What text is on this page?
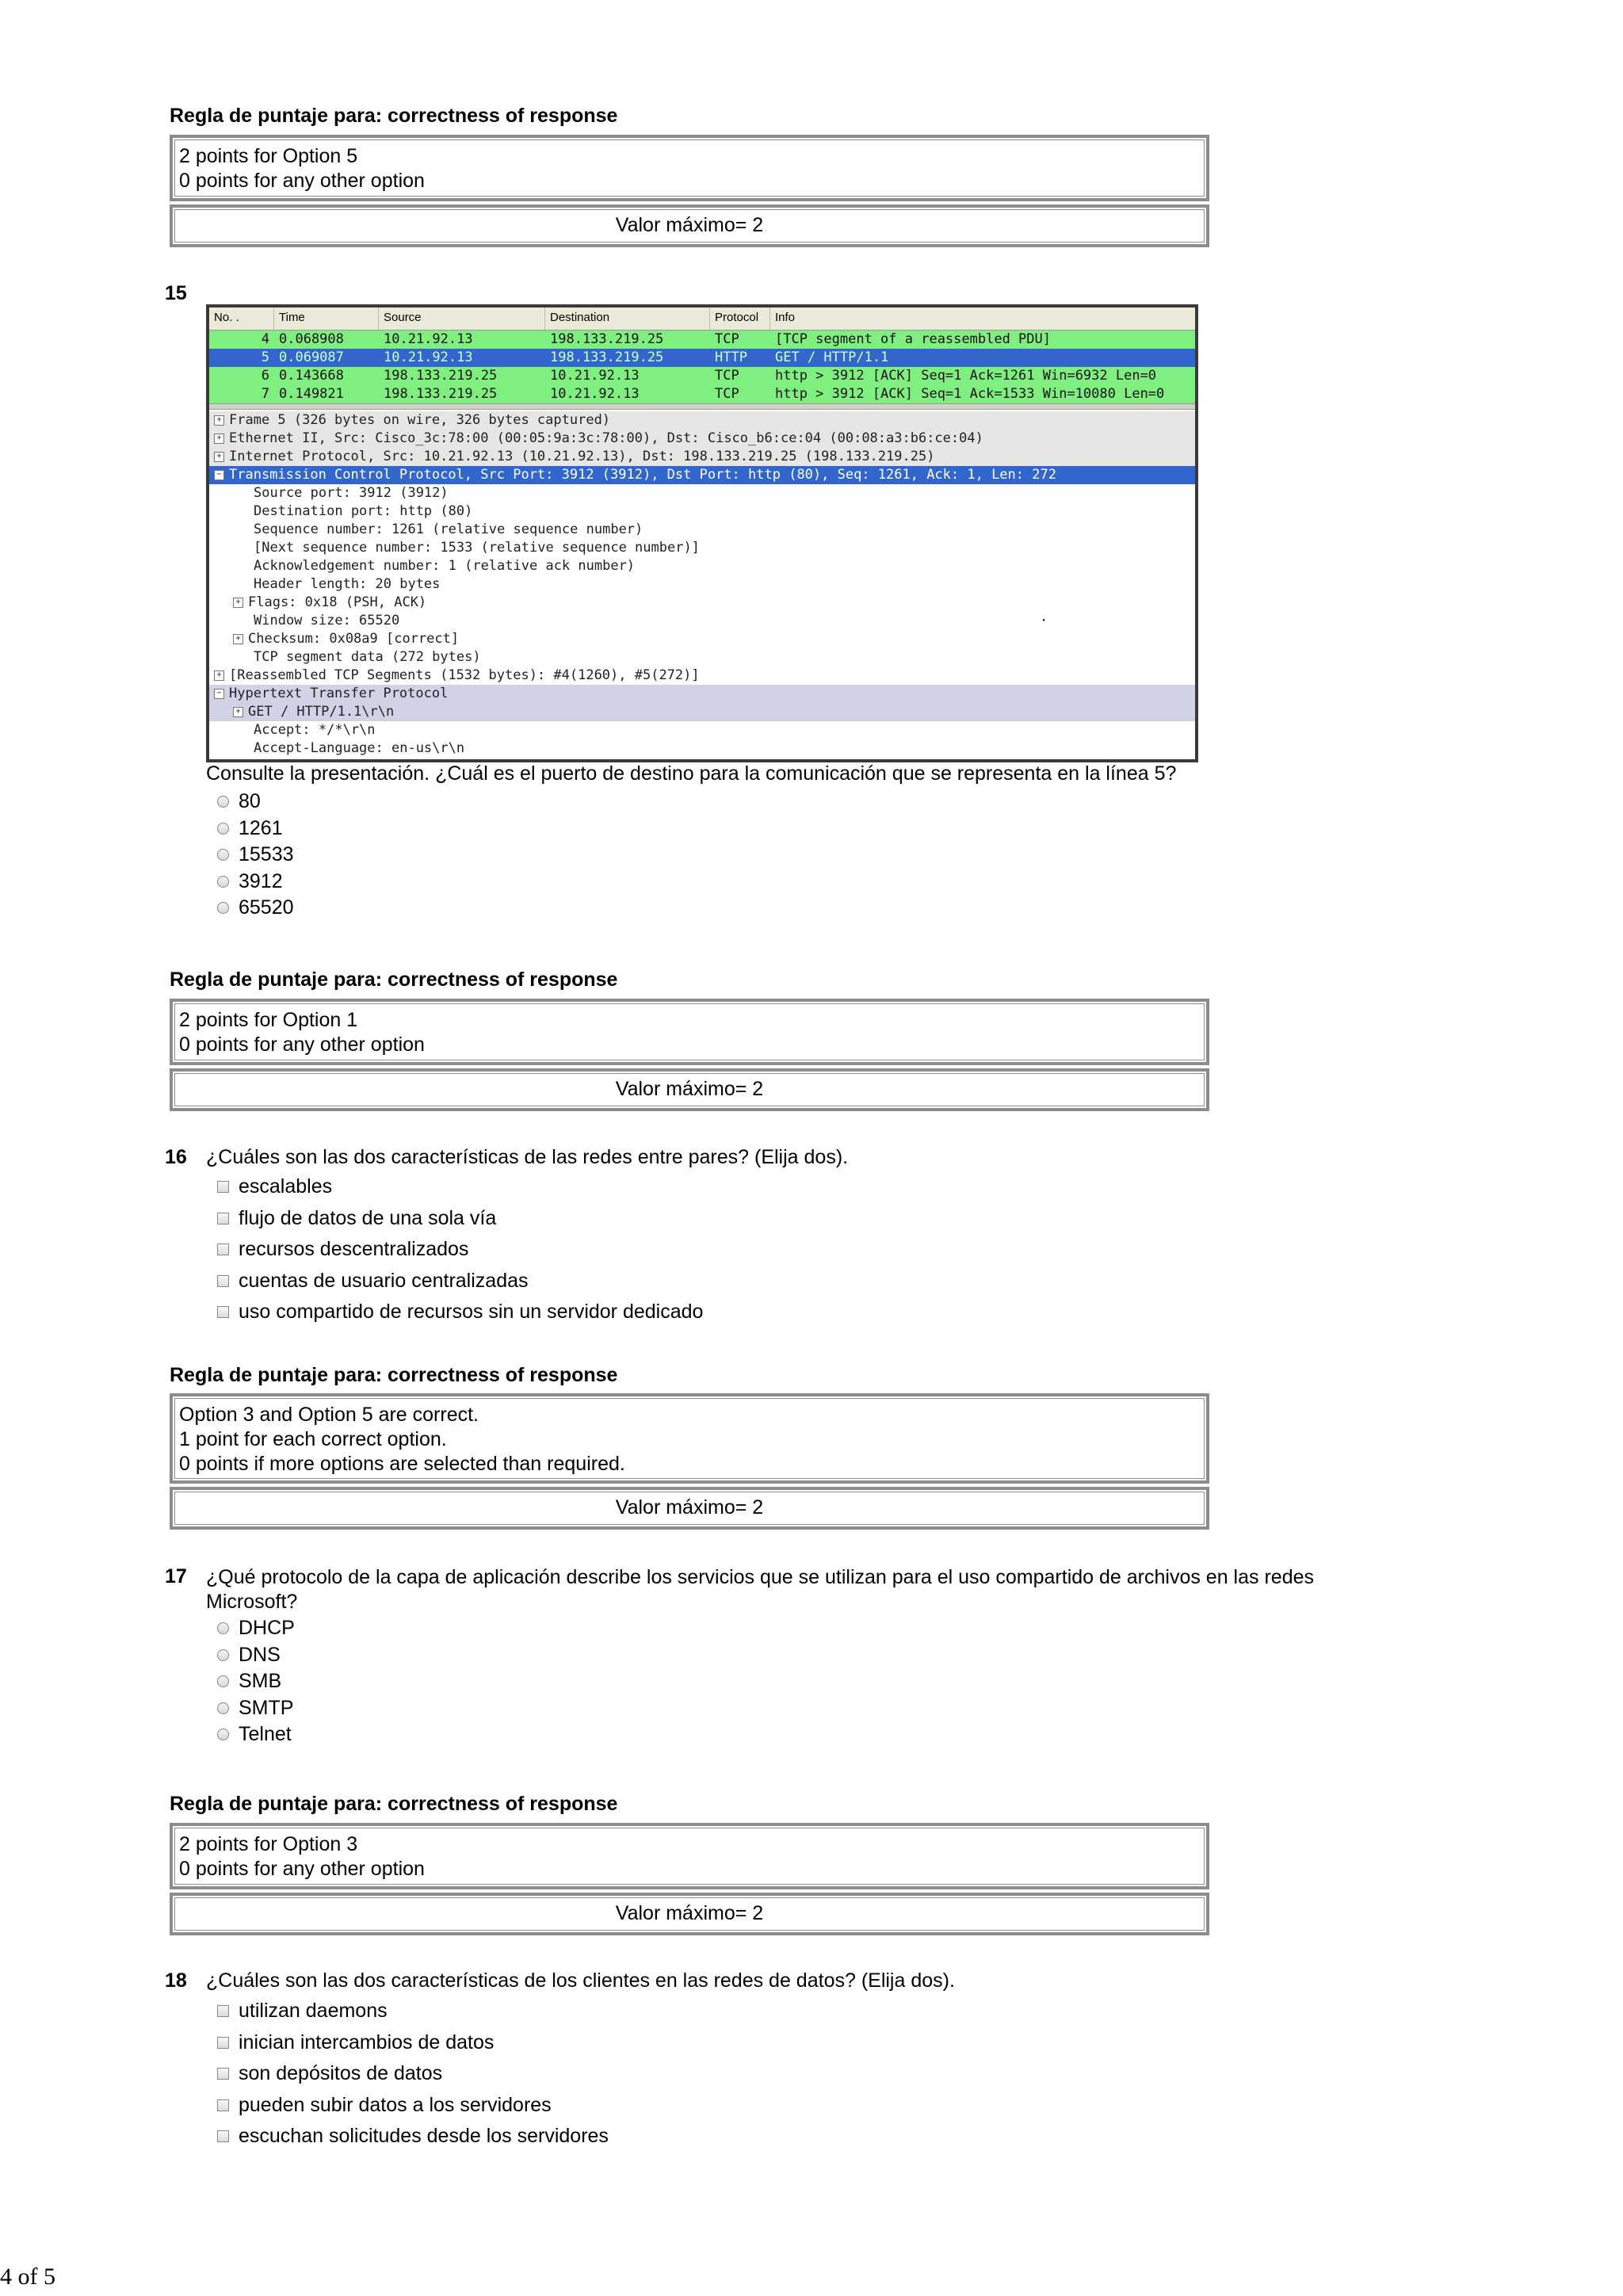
Regla de puntaje para: correctness of response
2 points for Option 5
0 points for any other option
Valor máximo= 2
15
No. .	Time	Source	Destination	Protocol	Info
4 0.068908	10.21.92.13	198.133.219.25	TCP	[TCP segment of a reassembled PDU]
5 0.069087	10.21.92.13	198.133.219.25	HTTP	GET / HTTP/1.1
6 0.143668	198.133.219.25	10.21.92.13	TCP	http > 3912 [ACK] Seq=1 Ack=1261 Win=6932 Len=0
7 0.149821	198.133.219.25	10.21.92.13	TCP	http > 3912 [ACK] Seq=1 Ack=1533 Win=10080 Len=0
+ Frame 5 (326 bytes on wire, 326 bytes captured)
+ Ethernet II, Src: Cisco_3c:78:00 (00:05:9a:3c:78:00), Dst: Cisco_b6:ce:04 (00:08:a3:b6:ce:04)
+ Internet Protocol, Src: 10.21.92.13 (10.21.92.13), Dst: 198.133.219.25 (198.133.219.25)
− Transmission Control Protocol, Src Port: 3912 (3912), Dst Port: http (80), Seq: 1261, Ack: 1, Len: 272
Source port: 3912 (3912)
Destination port: http (80)
Sequence number: 1261 (relative sequence number)
[Next sequence number: 1533 (relative sequence number)]
Acknowledgement number: 1 (relative ack number)
Header length: 20 bytes
+ Flags: 0x18 (PSH, ACK)
Window size: 65520	·
+ Checksum: 0x08a9 [correct]
TCP segment data (272 bytes)
+ [Reassembled TCP Segments (1532 bytes): #4(1260), #5(272)]
− Hypertext Transfer Protocol
+ GET / HTTP/1.1\r\n
Accept: */*\r\n
Accept-Language: en-us\r\n
Consulte la presentación. ¿Cuál es el puerto de destino para la comunicación que se representa en la línea 5?
80
1261
15533
3912
65520
Regla de puntaje para: correctness of response
2 points for Option 1
0 points for any other option
Valor máximo= 2
16 ¿Cuáles son las dos características de las redes entre pares? (Elija dos).
escalables
flujo de datos de una sola vía
recursos descentralizados
cuentas de usuario centralizadas
uso compartido de recursos sin un servidor dedicado
Regla de puntaje para: correctness of response
Option 3 and Option 5 are correct.
1 point for each correct option.
0 points if more options are selected than required.
Valor máximo= 2
17 ¿Qué protocolo de la capa de aplicación describe los servicios que se utilizan para el uso compartido de archivos en las redes
Microsoft?
DHCP
DNS
SMB
SMTP
Telnet
Regla de puntaje para: correctness of response
2 points for Option 3
0 points for any other option
Valor máximo= 2
18 ¿Cuáles son las dos características de los clientes en las redes de datos? (Elija dos).
utilizan daemons
inician intercambios de datos
son depósitos de datos
pueden subir datos a los servidores
escuchan solicitudes desde los servidores
4 of 5
